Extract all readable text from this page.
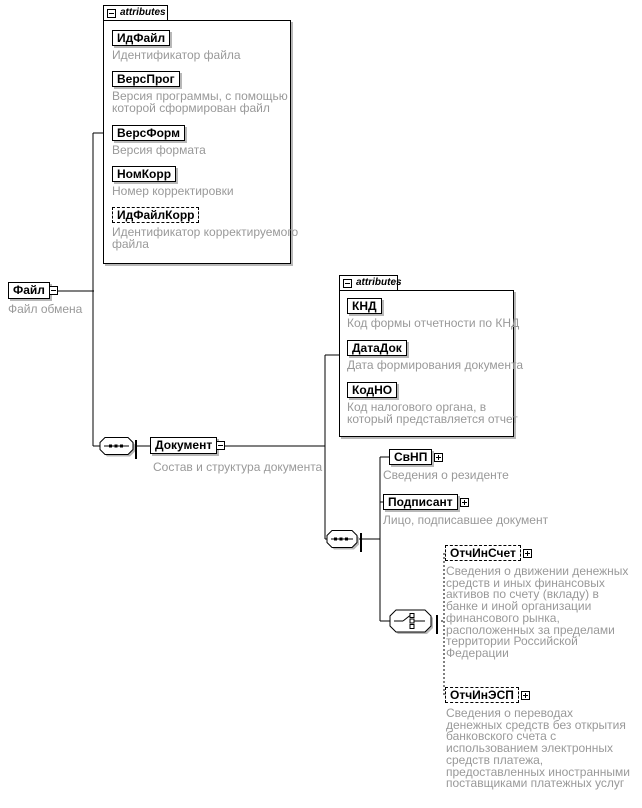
attributes
ИдФайл
Идентификатор файла
ВерсПрог
Версия программы, с помощью
которой сформирован файл
ВерсФорм
Версия формата
НомКорр
Номер корректировки
ИдФайлКорр
Идентификатор корректируемого
файла
Файл
Файл обмена
Документ
Состав и структура документа
attributes
КНД
Код формы отчетности по КНД
ДатаДок
Дата формирования документа
КодНО
Код налогового органа, в
который представляется отчет
СвНП
Сведения о резиденте
Подписант
Лицо, подписавшее документ
ОтчИнСчет
Сведения о движении денежных
средств и иных финансовых
активов по счету (вкладу) в
банке и иной организации
финансового рынка,
расположенных за пределами
территории Российской
Федерации
ОтчИнЭСП
Сведения о переводах
денежных средств без открытия
банковского счета с
использованием электронных
средств платежа,
предоставленных иностранными
поставщиками платежных услуг
